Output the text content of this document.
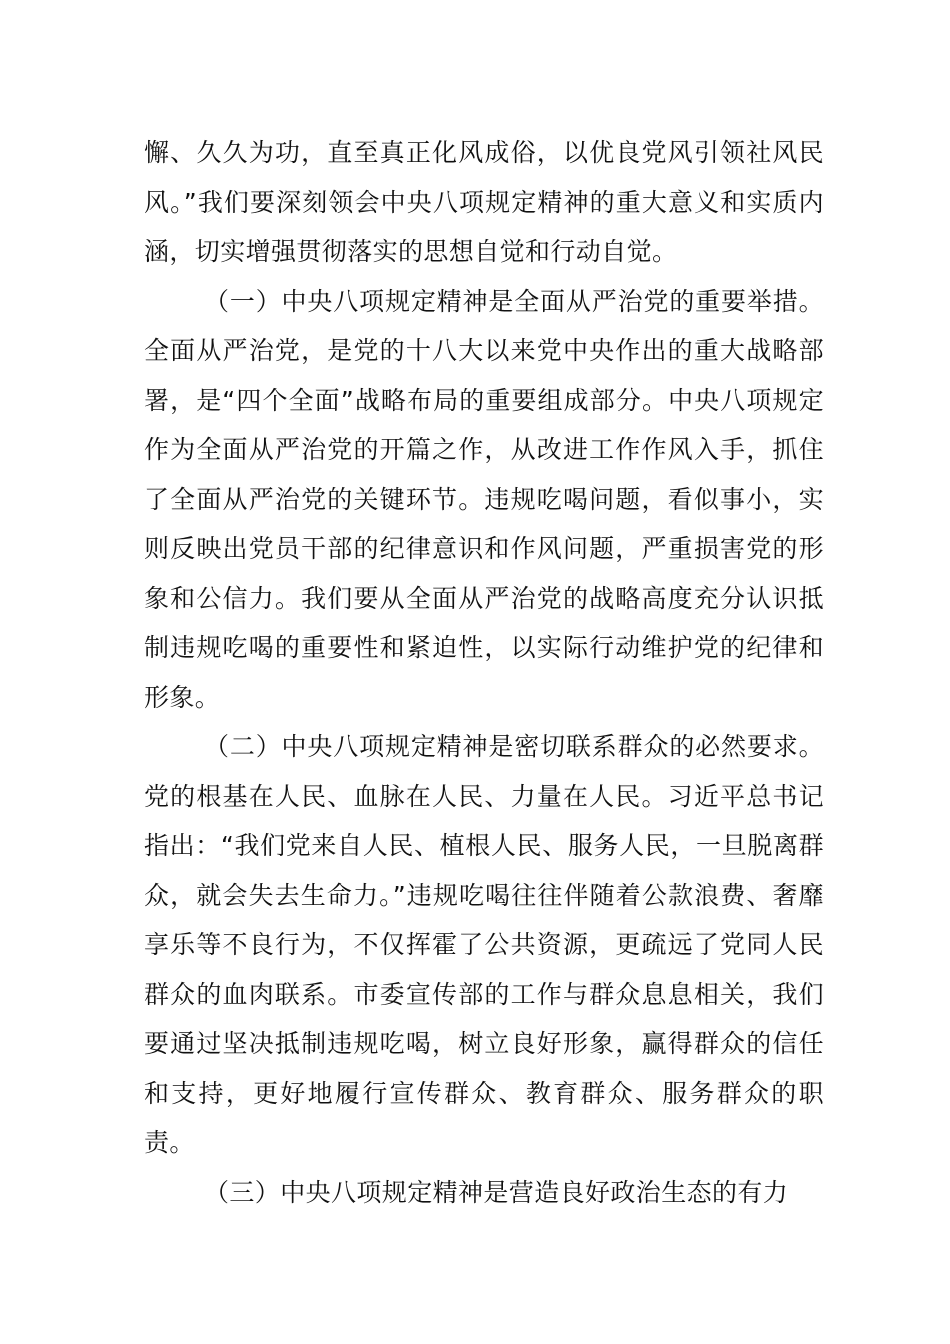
懈、久久为功，直至真正化风成俗，以优良党风引领社风民风。”我们要深刻领会中央八项规定精神的重大意义和实质内涵，切实增强贯彻落实的思想自觉和行动自觉。

（一）中央八项规定精神是全面从严治党的重要举措。全面从严治党，是党的十八大以来党中央作出的重大战略部署，是“四个全面”战略布局的重要组成部分。中央八项规定作为全面从严治党的开篇之作，从改进工作作风入手，抓住了全面从严治党的关键环节。违规吃喝问题，看似事小，实则反映出党员干部的纪律意识和作风问题，严重损害党的形象和公信力。我们要从全面从严治党的战略高度充分认识抵制违规吃喝的重要性和紧迫性，以实际行动维护党的纪律和形象。

（二）中央八项规定精神是密切联系群众的必然要求。党的根基在人民、血脉在人民、力量在人民。习近平总书记指出：“我们党来自人民、植根人民、服务人民，一旦脱离群众，就会失去生命力。”违规吃喝往往伴随着公款浪费、奢靡享乐等不良行为，不仅挥霍了公共资源，更疏远了党同人民群众的血肉联系。市委宣传部的工作与群众息息相关，我们要通过坚决抵制违规吃喝，树立良好形象，赢得群众的信任和支持，更好地履行宣传群众、教育群众、服务群众的职责。

（三）中央八项规定精神是营造良好政治生态的有力
